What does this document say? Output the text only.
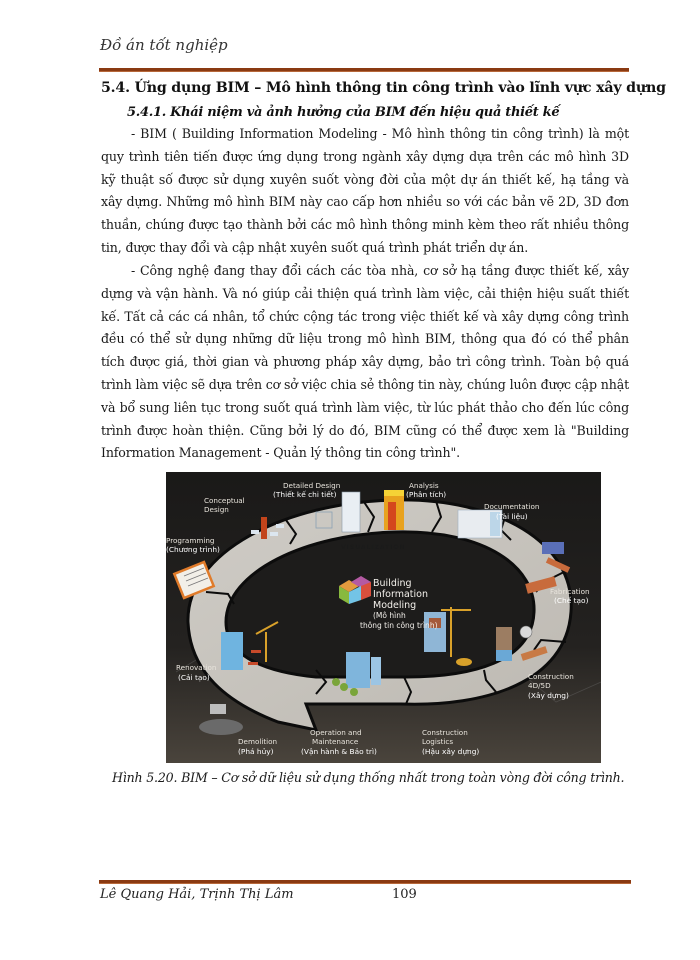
Đồ án tốt nghiệp
5.4. Ứng dụng BIM – Mô hình thông tin công trình vào lĩnh vực xây dựng
5.4.1. Khái niệm và ảnh hưởng của BIM đến hiệu quả thiết kế
- BIM ( Building Information Modeling - Mô hình thông tin công trình) là một quy trình tiên tiến được ứng dụng trong ngành xây dựng dựa trên các mô hình 3D kỹ thuật số được sử dụng xuyên suốt vòng đời của một dự án thiết kế, hạ tầng và xây dựng. Những mô hình BIM này cao cấp hơn nhiều so với các bản vẽ 2D, 3D đơn thuần, chúng được tạo thành bởi các mô hình thông minh kèm theo rất nhiều thông tin, được thay đổi và cập nhật xuyên suốt quá trình phát triển dự án.
- Công nghệ đang thay đổi cách các tòa nhà, cơ sở hạ tầng được thiết kế, xây dựng và vận hành. Và nó giúp cải thiện quá trình làm việc, cải thiện hiệu suất thiết kế. Tất cả các cá nhân, tổ chức cộng tác trong việc thiết kế và xây dựng công trình đều có thể sử dụng những dữ liệu trong mô hình BIM, thông qua đó có thể phân tích được giá, thời gian và phương pháp xây dựng, bảo trì công trình. Toàn bộ quá trình làm việc sẽ dựa trên cơ sở việc chia sẻ thông tin này, chúng luôn được cập nhật và bổ sung liên tục trong suốt quá trình làm việc, từ lúc phát thảo cho đến lúc công trình được hoàn thiện. Cũng bởi lý do đó, BIM cũng có thể được xem là "Building Information Management - Quản lý thông tin công trình".
VISUALIZATION
Building
Information
Modeling
(Mô hình
thông tin công trình)
Conceptual
Design
Detailed Design
(Thiết kế chi tiết)
Analysis
(Phân tích)
Documentation
(Tài liệu)
Fabrication
(Chế tạo)
Construction
4D/5D
(Xây dựng)
Construction
Logistics
(Hậu xây dựng)
Operation and
Maintenance
(Vận hành & Bảo trì)
Demolition
(Phá hủy)
Renovation
(Cải tạo)
Programming
(Chương trình)
Hình 5.20. BIM – Cơ sở dữ liệu sử dụng thống nhất trong toàn vòng đời công trình.
Lê Quang Hải, Trịnh Thị Lâm	109
